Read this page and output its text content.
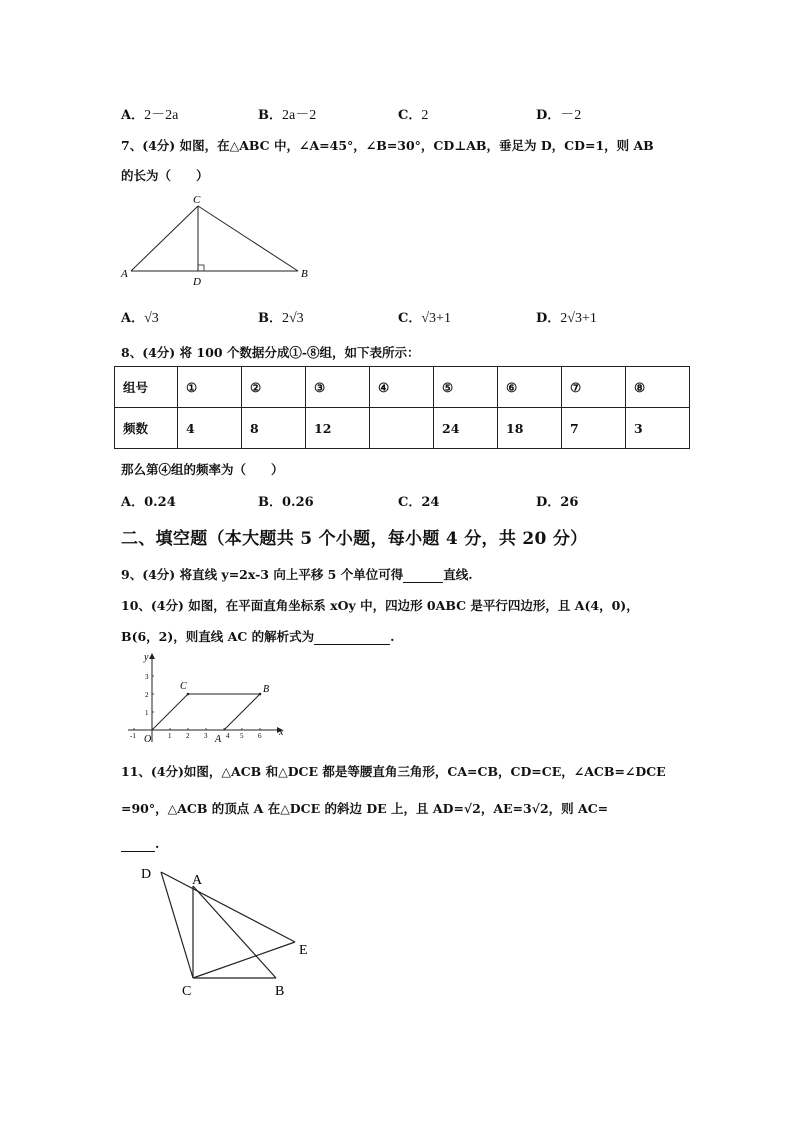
A．2－2a	B．2a－2	C．2	D．－2
7、(4分) 如图，在△ABC 中，∠A=45°，∠B=30°，CD⊥AB，垂足为 D，CD=1，则 AB
的长为（　　）
A	B
C
D
A．√3	B．2√3	C．√3+1	D．2√3+1
8、(4分) 将 100 个数据分成①-⑧组，如下表所示：
组号	①	②	③	④	⑤	⑥	⑦	⑧
频数	4	8	12		24	18	7	3
那么第④组的频率为（　　）
A．0.24	B．0.26	C．24	D．26
二、填空题（本大题共 5 个小题，每小题 4 分，共 20 分）
9、(4分) 将直线 y=2x-3 向上平移 5 个单位可得	直线.
10、(4分) 如图，在平面直角坐标系 xOy 中，四边形 0ABC 是平行四边形，且 A(4，0)，
B(6，2)，则直线 AC 的解析式为	.
-1	1 2 3	4 5 6
1
2
3
O	A
B
C
x
y
11、(4分)如图，△ACB 和△DCE 都是等腰直角三角形，CA=CB，CD=CE，∠ACB=∠DCE
=90°，△ACB 的顶点 A 在△DCE 的斜边 DE 上，且 AD=√2，AE=3√2，则 AC=
.
D	A
E
C	B
